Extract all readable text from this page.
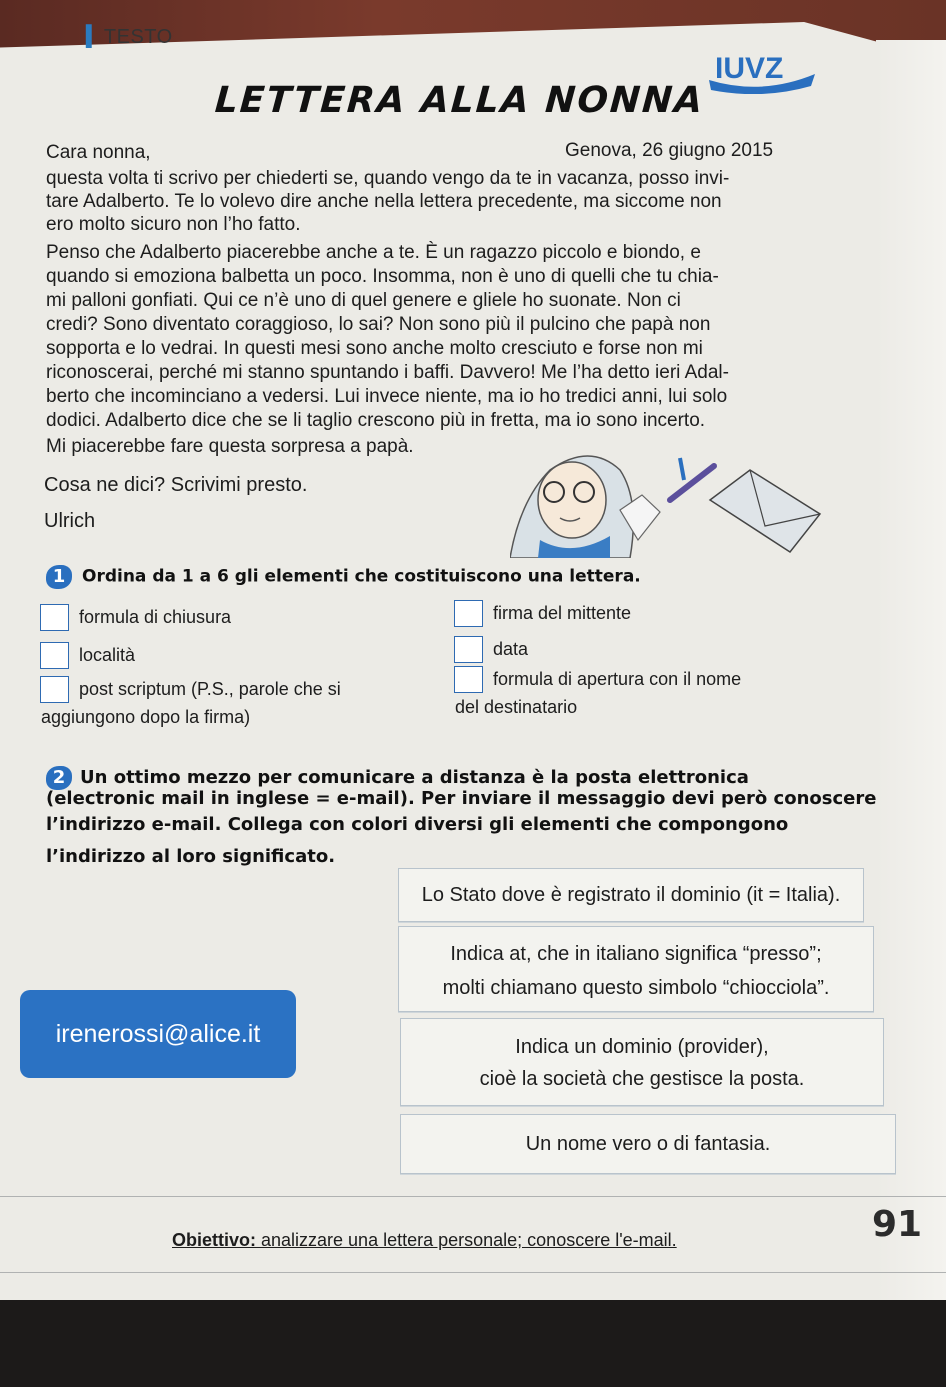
▍ TESTO
IUVZ
LETTERA ALLA NONNA
Cara nonna,	Genova, 26 giugno 2015
questa volta ti scrivo per chiederti se, quando vengo da te in vacanza, posso invi-
tare Adalberto. Te lo volevo dire anche nella lettera precedente, ma siccome non
ero molto sicuro non l’ho fatto.
Penso che Adalberto piacerebbe anche a te. È un ragazzo piccolo e biondo, e
quando si emoziona balbetta un poco. Insomma, non è uno di quelli che tu chia-
mi palloni gonfiati. Qui ce n’è uno di quel genere e gliele ho suonate. Non ci
credi? Sono diventato coraggioso, lo sai? Non sono più il pulcino che papà non
sopporta e lo vedrai. In questi mesi sono anche molto cresciuto e forse non mi
riconoscerai, perché mi stanno spuntando i baffi. Davvero! Me l’ha detto ieri Adal-
berto che incominciano a vedersi. Lui invece niente, ma io ho tredici anni, lui solo
dodici. Adalberto dice che se li taglio crescono più in fretta, ma io sono incerto.
Mi piacerebbe fare questa sorpresa a papà.
Cosa ne dici? Scrivimi presto.
Ulrich
1 Ordina da 1 a 6 gli elementi che costituiscono una lettera.
formula di chiusura
località
post scriptum (P.S., parole che si
aggiungono dopo la firma)
firma del mittente
data
formula di apertura con il nome
del destinatario
2 Un ottimo mezzo per comunicare a distanza è la posta elettronica
(electronic mail in inglese = e-mail). Per inviare il messaggio devi però conoscere
l’indirizzo e-mail. Collega con colori diversi gli elementi che compongono
l’indirizzo al loro significato.
irenerossi@alice.it
Lo Stato dove è registrato il dominio (it = Italia).
Indica at, che in italiano significa “presso”;
molti chiamano questo simbolo “chiocciola”.
Indica un dominio (provider),
cioè la società che gestisce la posta.
Un nome vero o di fantasia.
Obiettivo: analizzare una lettera personale; conoscere l'e-mail.	91
